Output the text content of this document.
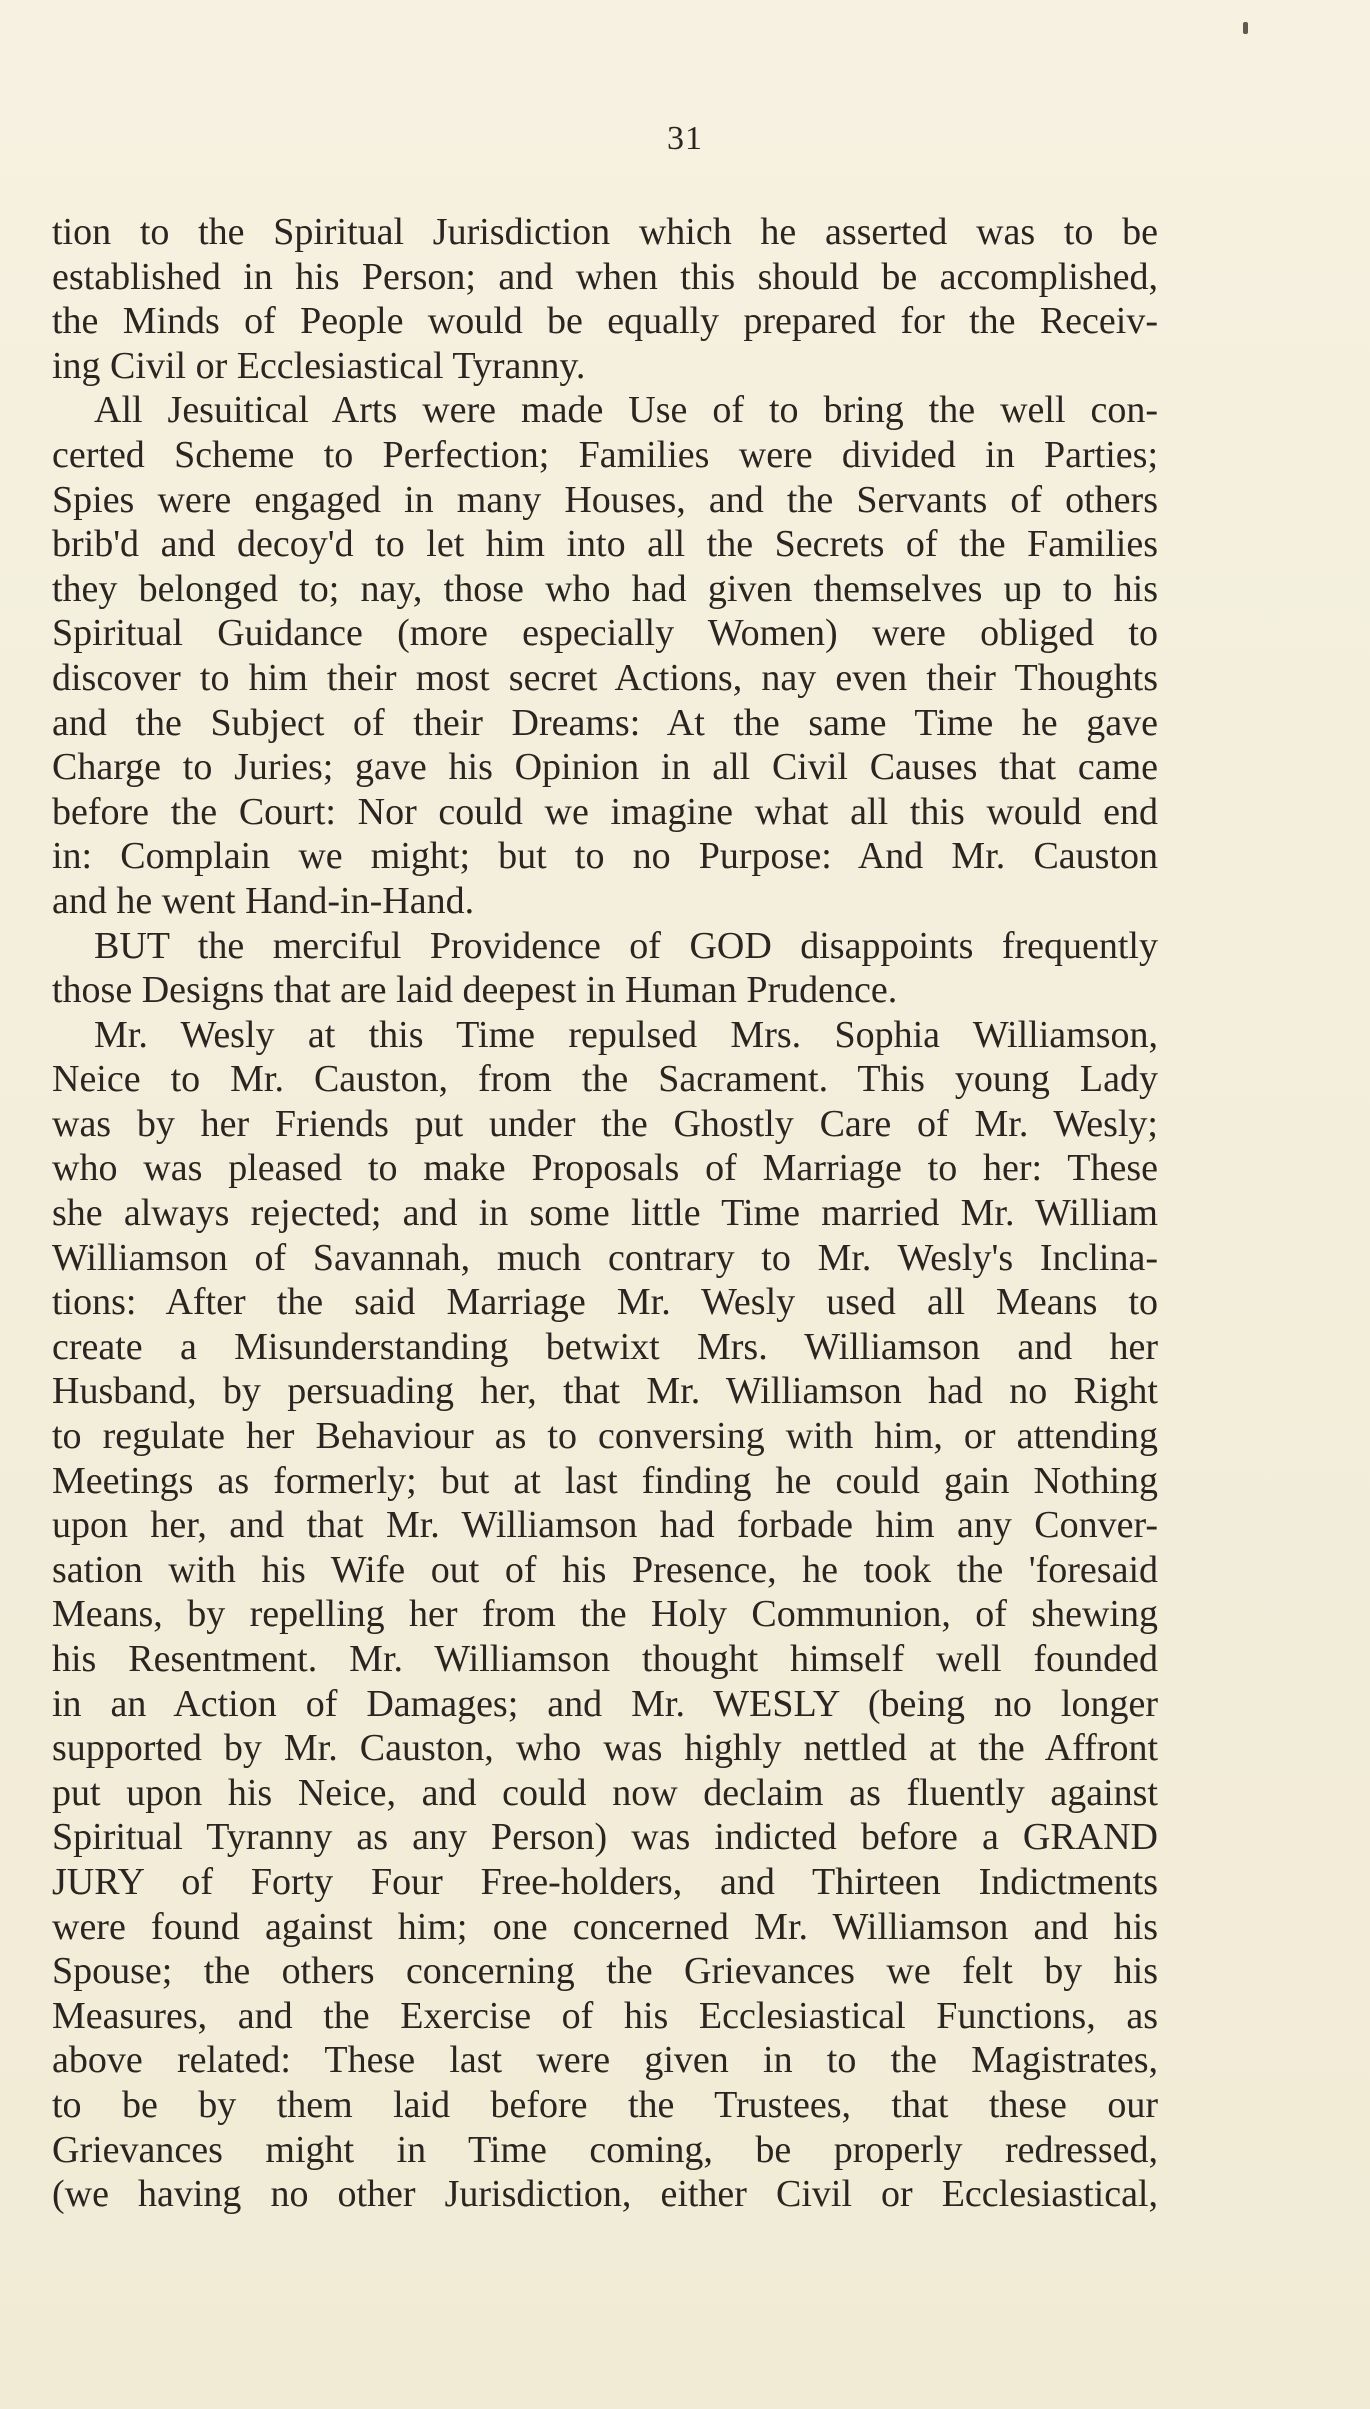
31
tion to the Spiritual Jurisdiction which he asserted was to be
established in his Person; and when this should be accomplished,
the Minds of People would be equally prepared for the Receiv-
ing Civil or Ecclesiastical Tyranny.
All Jesuitical Arts were made Use of to bring the well con-
certed Scheme to Perfection; Families were divided in Parties;
Spies were engaged in many Houses, and the Servants of others
brib'd and decoy'd to let him into all the Secrets of the Families
they belonged to; nay, those who had given themselves up to his
Spiritual Guidance (more especially Women) were obliged to
discover to him their most secret Actions, nay even their Thoughts
and the Subject of their Dreams: At the same Time he gave
Charge to Juries; gave his Opinion in all Civil Causes that came
before the Court: Nor could we imagine what all this would end
in: Complain we might; but to no Purpose: And Mr. Causton
and he went Hand-in-Hand.
BUT the merciful Providence of GOD disappoints frequently
those Designs that are laid deepest in Human Prudence.
Mr. Wesly at this Time repulsed Mrs. Sophia Williamson,
Neice to Mr. Causton, from the Sacrament. This young Lady
was by her Friends put under the Ghostly Care of Mr. Wesly;
who was pleased to make Proposals of Marriage to her: These
she always rejected; and in some little Time married Mr. William
Williamson of Savannah, much contrary to Mr. Wesly's Inclina-
tions: After the said Marriage Mr. Wesly used all Means to
create a Misunderstanding betwixt Mrs. Williamson and her
Husband, by persuading her, that Mr. Williamson had no Right
to regulate her Behaviour as to conversing with him, or attending
Meetings as formerly; but at last finding he could gain Nothing
upon her, and that Mr. Williamson had forbade him any Conver-
sation with his Wife out of his Presence, he took the 'foresaid
Means, by repelling her from the Holy Communion, of shewing
his Resentment. Mr. Williamson thought himself well founded
in an Action of Damages; and Mr. WESLY (being no longer
supported by Mr. Causton, who was highly nettled at the Affront
put upon his Neice, and could now declaim as fluently against
Spiritual Tyranny as any Person) was indicted before a GRAND
JURY of Forty Four Free-holders, and Thirteen Indictments
were found against him; one concerned Mr. Williamson and his
Spouse; the others concerning the Grievances we felt by his
Measures, and the Exercise of his Ecclesiastical Functions, as
above related: These last were given in to the Magistrates,
to be by them laid before the Trustees, that these our
Grievances might in Time coming, be properly redressed,
(we having no other Jurisdiction, either Civil or Ecclesiastical,
